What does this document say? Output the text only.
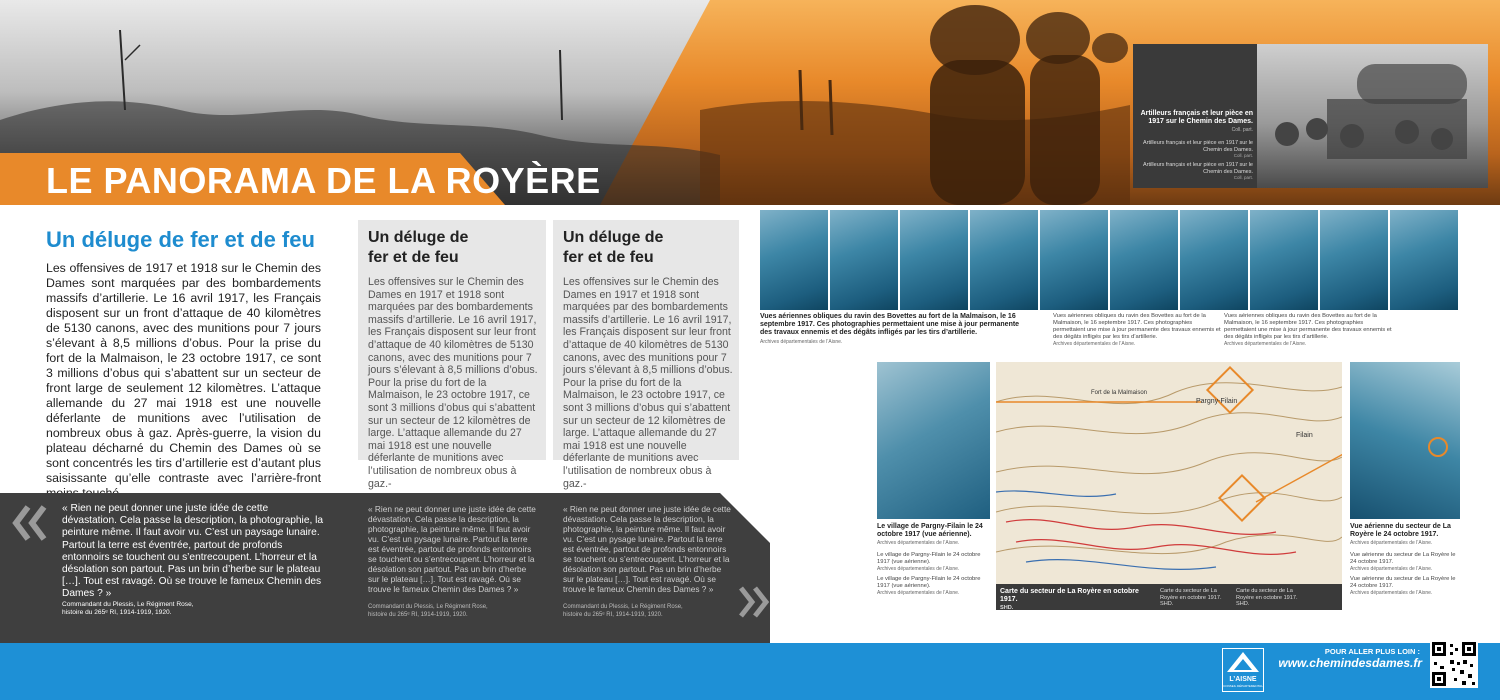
LE PANORAMA DE LA ROYÈRE
Artilleurs français et leur pièce en 1917 sur le Chemin des Dames.
Coll. part.
Artilleurs français et leur pièce en 1917 sur le Chemin des Dames.
Coll. part.
Artilleurs français et leur pièce en 1917 sur le Chemin des Dames.
Coll. part.
Un déluge de fer et de feu
Les offensives de 1917 et 1918 sur le Chemin des Dames sont marquées par des bombardements massifs d’artillerie. Le 16 avril 1917, les Français disposent sur un front d’attaque de 40 kilomètres de 5130 canons, avec des munitions pour 7 jours s’élevant à 8,5 millions d’obus. Pour la prise du fort de la Malmaison, le 23 octobre 1917, ce sont 3 millions d’obus qui s’abattent sur un secteur de front large de seulement 12 kilomètres. L’attaque allemande du 27 mai 1918 est une nouvelle déferlante de munitions avec l’utilisation de nombreux obus à gaz. Après-guerre, la vision du plateau décharné du Chemin des Dames où se sont concentrés les tirs d’artillerie est d’autant plus saisissante qu’elle contraste avec l’arrière-front
Un déluge de fer et de feu
Les offensives sur le Chemin des Dames en 1917 et 1918 sont marquées par des bombardements massifs d’artillerie. Le 16 avril 1917, les Français disposent sur leur front d’attaque de 40 kilomètres de 5130 canons, avec des munitions pour 7 jours s’élevant à 8,5 millions d’obus. Pour la prise du fort de la Malmaison, le 23 octobre 1917, ce sont 3 millions d’obus qui s’abattent sur un secteur de 12 kilomètres de large. L’attaque allemande du 27 mai 1918 est une nouvelle déferlante de munitions avec l’utilisation de nombreux obus à gaz.-
Un déluge de fer et de feu
Les offensives sur le Chemin des Dames en 1917 et 1918 sont marquées par des bombardements massifs d’artillerie. Le 16 avril 1917, les Français disposent sur leur front d’attaque de 40 kilomètres de 5130 canons, avec des munitions pour 7 jours s’élevant à 8,5 millions d’obus. Pour la prise du fort de la Malmaison, le 23 octobre 1917, ce sont 3 millions d’obus qui s’abattent sur un secteur de 12 kilomètres de large. L’attaque allemande du 27 mai 1918 est une nouvelle déferlante de munitions avec l’utilisation de nombreux obus à gaz.-
« Rien ne peut donner une juste idée de cette dévastation. Cela passe la description, la photographie, la peinture même. Il faut avoir vu. C’est un paysage lunaire. Partout la terre est éventrée, partout de profonds entonnoirs se touchent ou s’entrecoupent. L’horreur et la désolation son partout. Pas un brin d’herbe sur le plateau […]. Tout est ravagé. Où se trouve le fameux Chemin des Dames ? »
Commandant du Plessis, Le Régiment Rose,
histoire du 265ᵉ RI, 1914-1919, 1920.
« Rien ne peut donner une juste idée de cette dévastation. Cela passe la description, la photographie, la peinture même. Il faut avoir vu. C’est un pysage lunaire. Partout la terre est éventrée, partout de profonds entonnoirs se touchent ou s’entrecoupent. L’horreur et la désolation son partout. Pas un brin d’herbe sur le plateau […]. Tout est ravagé. Où se trouve le fameux Chemin des Dames ? »
Commandant du Plessis, Le Régiment Rose,
histoire du 265ᵉ RI, 1914-1919, 1920.
« Rien ne peut donner une juste idée de cette dévastation. Cela passe la description, la photographie, la peinture même. Il faut avoir vu. C’est un pysage lunaire. Partout la terre est éventrée, partout de profonds entonnoirs se touchent ou s’entrecoupent. L’horreur et la désolation son partout. Pas un brin d’herbe sur le plateau […]. Tout est ravagé. Où se trouve le fameux Chemin des Dames ? »
Commandant du Plessis, Le Régiment Rose,
histoire du 265ᵉ RI, 1914-1919, 1920.
Vues aériennes obliques du ravin des Bovettes au fort de la Malmaison, le 16 septembre 1917. Ces photographies permettaient une mise à jour permanente des travaux ennemis et des dégâts infligés par les tirs d’artillerie.
Archives départementales de l’Aisne.
Vues aériennes obliques du ravin des Bovettes au fort de la Malmaison, le 16 septembre 1917. Ces photographies permettaient une mise à jour permanente des travaux ennemis et des dégâts infligés par les tirs d’artillerie.
Archives départementales de l’Aisne.
Vues aériennes obliques du ravin des Bovettes au fort de la Malmaison, le 16 septembre 1917. Ces photographies permettaient une mise à jour permanente des travaux ennemis et des dégâts infligés par les tirs d’artillerie.
Archives départementales de l’Aisne.
Fort de la Malmaison
Pargny-Filain
Filain
Carte du secteur de La Royère en octobre 1917.
SHD.
Carte du secteur de La Royère en octobre 1917.
SHD.
Carte du secteur de La Royère en octobre 1917.
SHD.
Le village de Pargny-Filain le 24 octobre 1917 (vue aérienne).
Archives départementales de l’Aisne.
Le village de Pargny-Filain le 24 octobre 1917 (vue aérienne).
Archives départementales de l’Aisne.
Le village de Pargny-Filain le 24 octobre 1917 (vue aérienne).
Archives départementales de l’Aisne.
Vue aérienne du secteur de La Royère le 24 octobre 1917.
Archives départementales de l’Aisne.
Vue aérienne du secteur de La Royère le 24 octobre 1917.
Archives départementales de l’Aisne.
Vue aérienne du secteur de La Royère le 24 octobre 1917.
Archives départementales de l’Aisne.
L’AISNE
CONSEIL DÉPARTEMENTAL
POUR ALLER PLUS LOIN :
www.chemindesdames.fr
